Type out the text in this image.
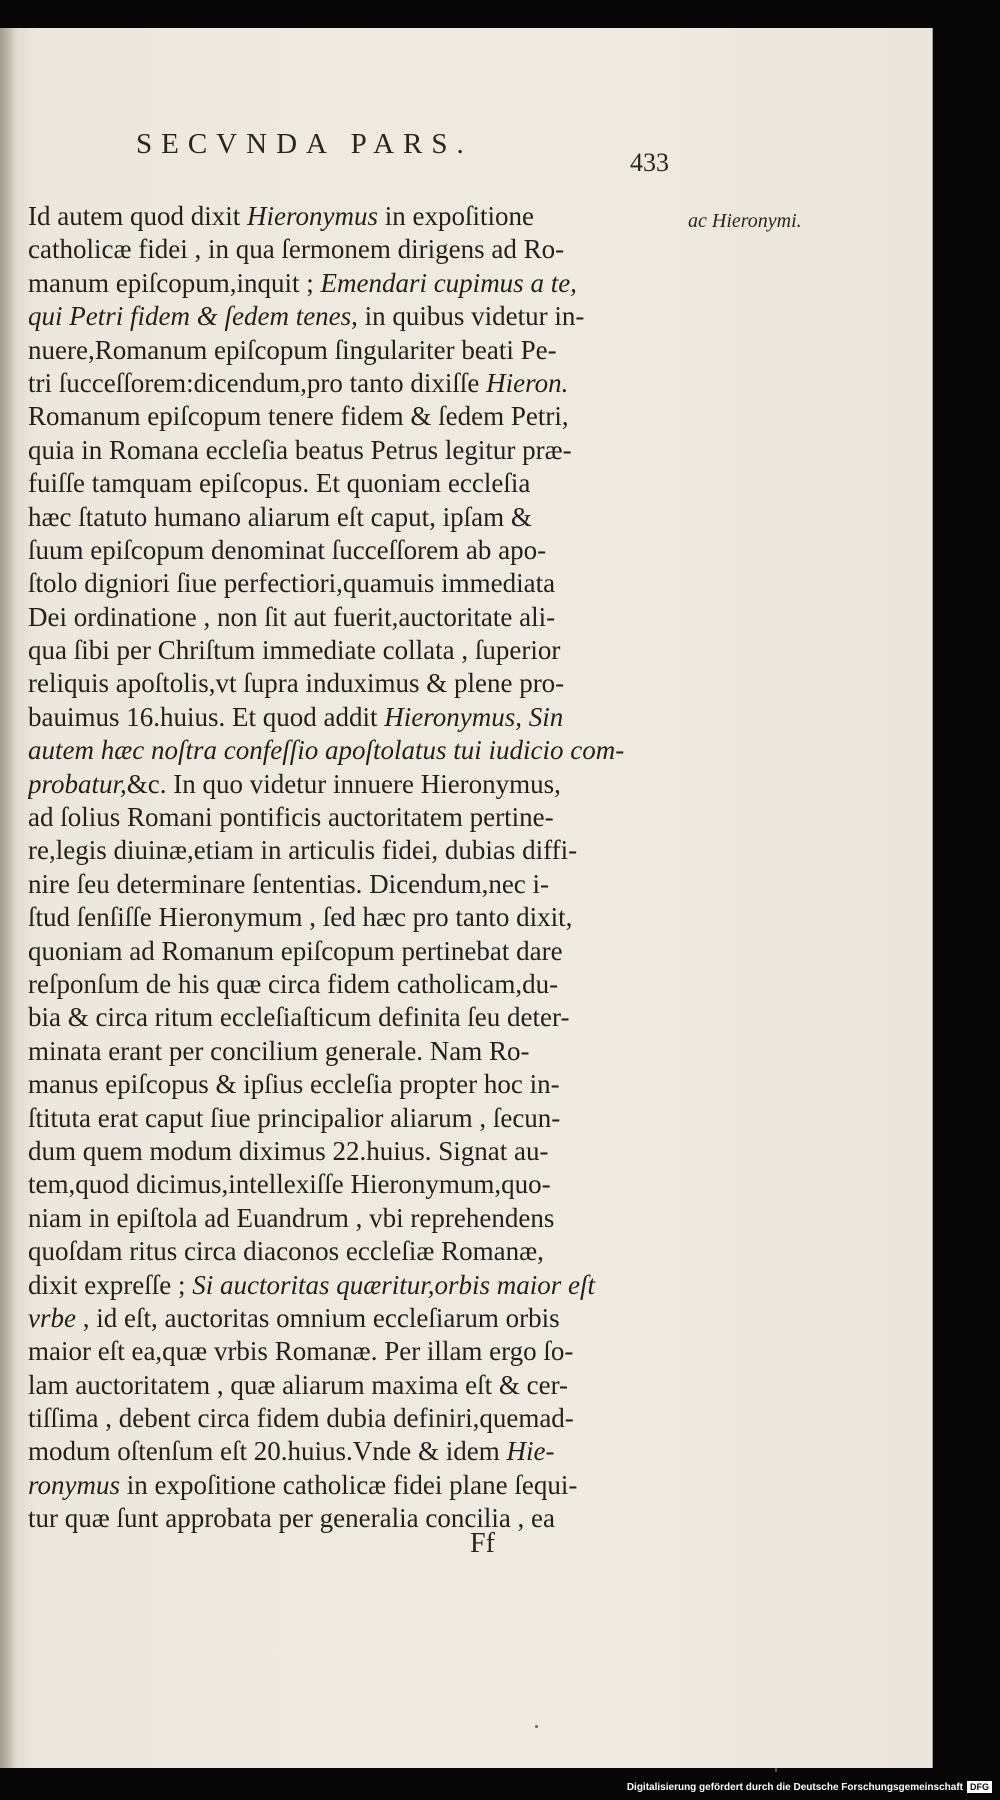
SECVNDA PARS.
433
ac Hieronymi.
Id autem quod dixit Hieronymus in expoſitione
catholicæ fidei , in qua ſermonem dirigens ad Ro-
manum epiſcopum,inquit ; Emendari cupimus a te,
qui Petri fidem & ſedem tenes, in quibus videtur in-
nuere,Romanum epiſcopum ſingulariter beati Pe-
tri ſucceſſorem:dicendum,pro tanto dixiſſe Hieron.
Romanum epiſcopum tenere fidem & ſedem Petri,
quia in Romana eccleſia beatus Petrus legitur præ-
fuiſſe tamquam epiſcopus. Et quoniam eccleſia
hæc ſtatuto humano aliarum eſt caput, ipſam &
ſuum epiſcopum denominat ſucceſſorem ab apo-
ſtolo digniori ſiue perfectiori,quamuis immediata
Dei ordinatione , non ſit aut fuerit,auctoritate ali-
qua ſibi per Chriſtum immediate collata , ſuperior
reliquis apoſtolis,vt ſupra induximus & plene pro-
bauimus 16.huius. Et quod addit Hieronymus, Sin
autem hæc noſtra confeſſio apoſtolatus tui iudicio com-
probatur,&c. In quo videtur innuere Hieronymus,
ad ſolius Romani pontificis auctoritatem pertine-
re,legis diuinæ,etiam in articulis fidei, dubias diffi-
nire ſeu determinare ſententias. Dicendum,nec i-
ſtud ſenſiſſe Hieronymum , ſed hæc pro tanto dixit,
quoniam ad Romanum epiſcopum pertinebat dare
reſponſum de his quæ circa fidem catholicam,du-
bia & circa ritum eccleſiaſticum definita ſeu deter-
minata erant per concilium generale. Nam Ro-
manus epiſcopus & ipſius eccleſia propter hoc in-
ſtituta erat caput ſiue principalior aliarum , ſecun-
dum quem modum diximus 22.huius. Signat au-
tem,quod dicimus,intellexiſſe Hieronymum,quo-
niam in epiſtola ad Euandrum , vbi reprehendens
quoſdam ritus circa diaconos eccleſiæ Romanæ,
dixit expreſſe ; Si auctoritas quæritur,orbis maior eſt
vrbe , id eſt, auctoritas omnium eccleſiarum orbis
maior eſt ea,quæ vrbis Romanæ. Per illam ergo ſo-
lam auctoritatem , quæ aliarum maxima eſt & cer-
tiſſima , debent circa fidem dubia definiri,quemad-
modum oſtenſum eſt 20.huius.Vnde & idem Hie-
ronymus in expoſitione catholicæ fidei plane ſequi-
tur quæ ſunt approbata per generalia concilia , ea
Ff
Digitalisierung gefördert durch die Deutsche Forschungsgemeinschaft DFG
